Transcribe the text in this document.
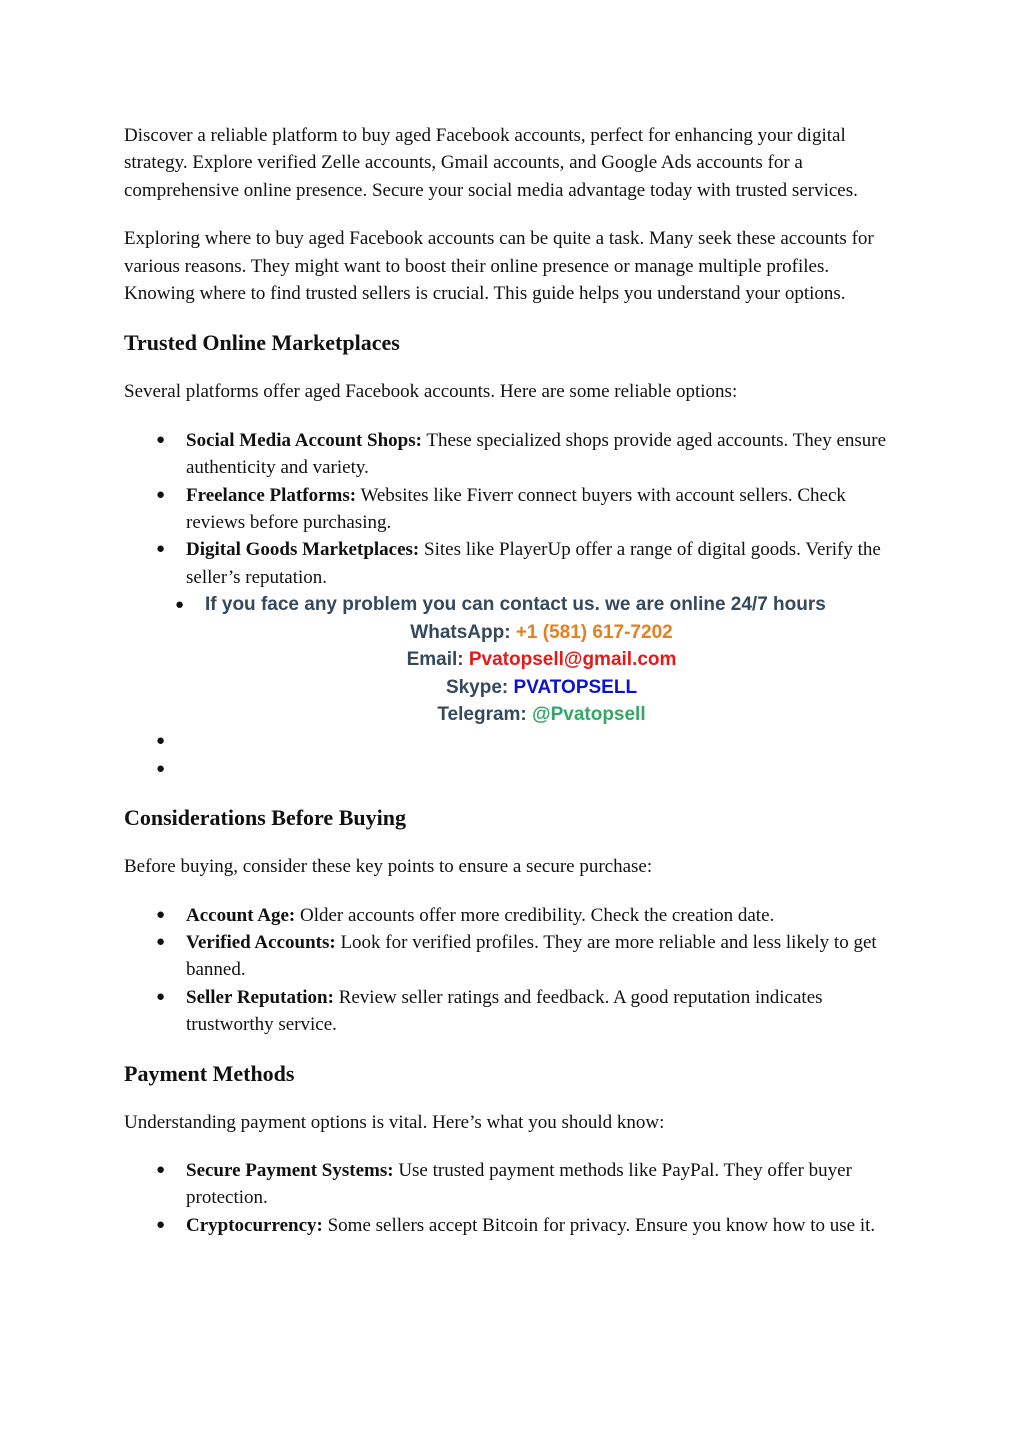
Discover a reliable platform to buy aged Facebook accounts, perfect for enhancing your digital strategy. Explore verified Zelle accounts, Gmail accounts, and Google Ads accounts for a comprehensive online presence. Secure your social media advantage today with trusted services.

Exploring where to buy aged Facebook accounts can be quite a task. Many seek these accounts for various reasons. They might want to boost their online presence or manage multiple profiles. Knowing where to find trusted sellers is crucial. This guide helps you understand your options.

Trusted Online Marketplaces

Several platforms offer aged Facebook accounts. Here are some reliable options:

● Social Media Account Shops: These specialized shops provide aged accounts. They ensure authenticity and variety.
● Freelance Platforms: Websites like Fiverr connect buyers with account sellers. Check reviews before purchasing.
● Digital Goods Marketplaces: Sites like PlayerUp offer a range of digital goods. Verify the seller’s reputation.
● If you face any problem you can contact us. we are online 24/7 hours
WhatsApp: +1 (581) 617-7202
Email: Pvatopsell@gmail.com
Skype: PVATOPSELL
Telegram: @Pvatopsell
●
●
Considerations Before Buying

Before buying, consider these key points to ensure a secure purchase:

● Account Age: Older accounts offer more credibility. Check the creation date.
● Verified Accounts: Look for verified profiles. They are more reliable and less likely to get banned.
● Seller Reputation: Review seller ratings and feedback. A good reputation indicates trustworthy service.
Payment Methods

Understanding payment options is vital. Here’s what you should know:

● Secure Payment Systems: Use trusted payment methods like PayPal. They offer buyer protection.
● Cryptocurrency: Some sellers accept Bitcoin for privacy. Ensure you know how to use it.
